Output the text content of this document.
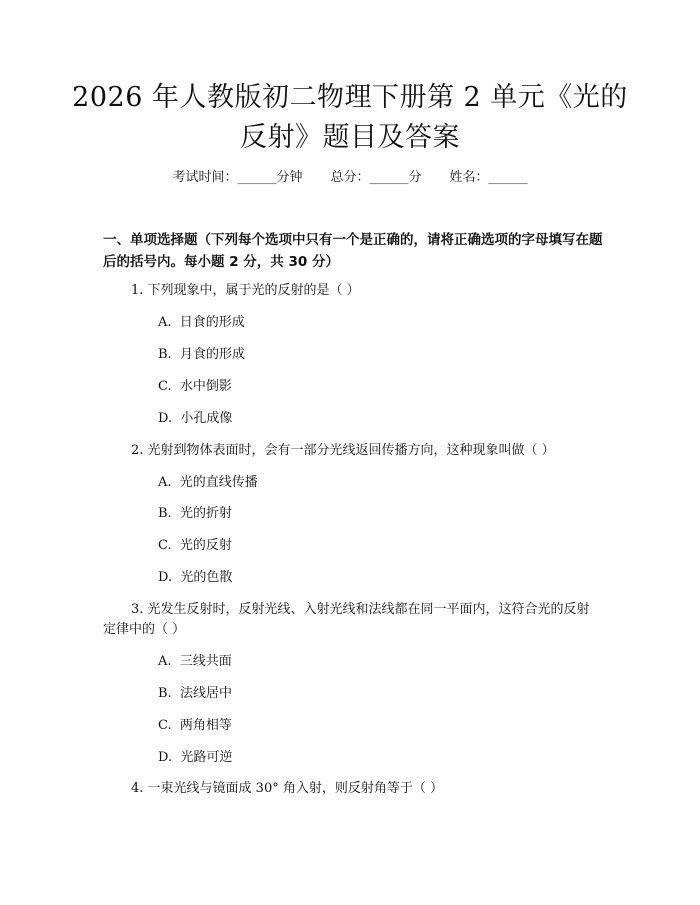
2026 年人教版初二物理下册第 2 单元《光的
反射》题目及答案
考试时间：______分钟 总分：______分 姓名：______
一、单项选择题（下列每个选项中只有一个是正确的，请将正确选项的字母填写在题后的括号内。每小题 2 分，共 30 分）
1. 下列现象中，属于光的反射的是（ ）
A.  日食的形成
B.  月食的形成
C.  水中倒影
D.  小孔成像
2. 光射到物体表面时，会有一部分光线返回传播方向，这种现象叫做（ ）
A.  光的直线传播
B.  光的折射
C.  光的反射
D.  光的色散
3. 光发生反射时，反射光线、入射光线和法线都在同一平面内，这符合光的反射定律中的（ ）
A.  三线共面
B.  法线居中
C.  两角相等
D.  光路可逆
4. 一束光线与镜面成 30° 角入射，则反射角等于（ ）
